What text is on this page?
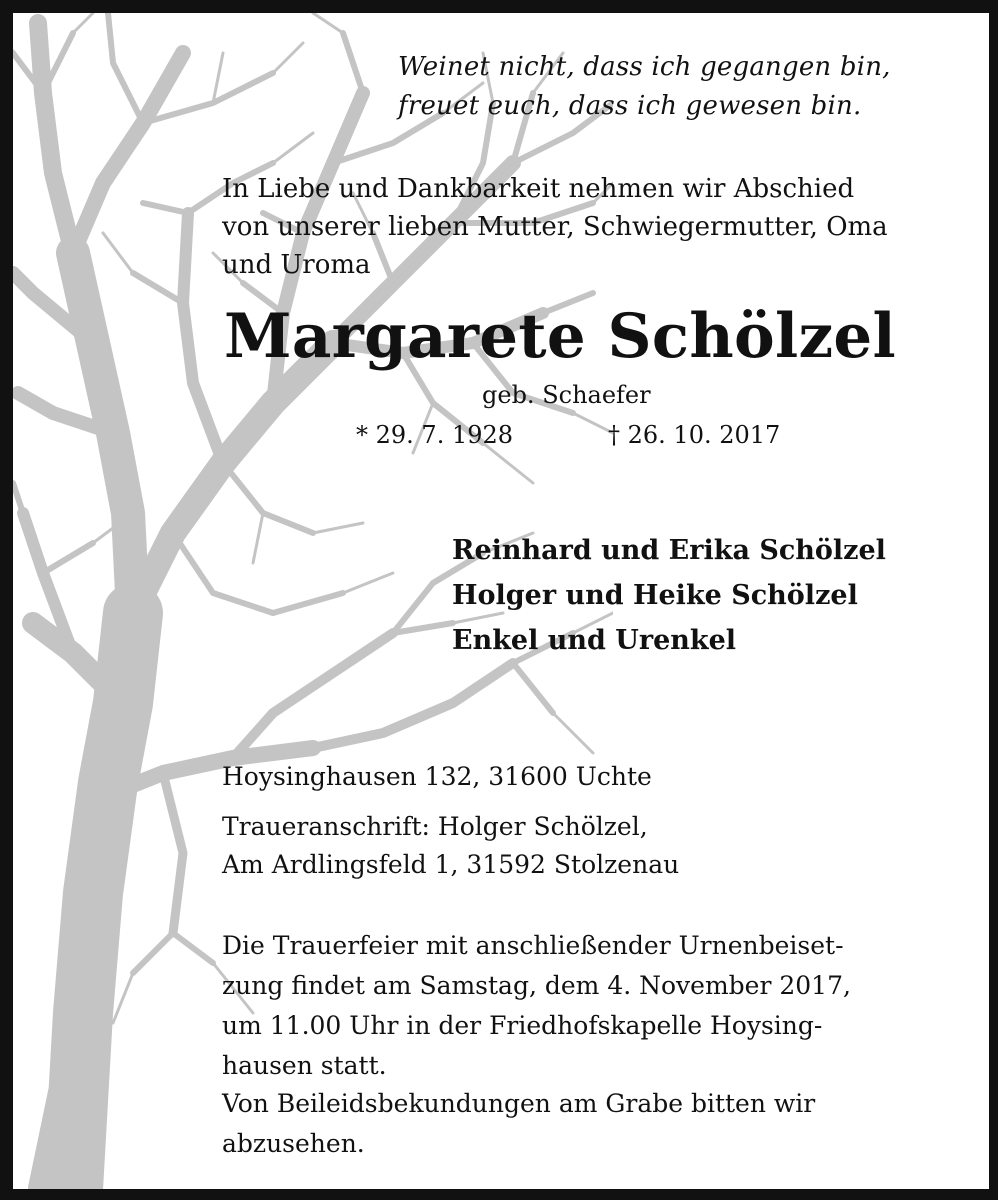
Weinet nicht, dass ich gegangen bin,
freuet euch, dass ich gewesen bin.
In Liebe und Dankbarkeit nehmen wir Abschied
von unserer lieben Mutter, Schwiegermutter, Oma
und Uroma
Margarete Schölzel
geb. Schaefer
* 29. 7. 1928	† 26. 10. 2017
Reinhard und Erika Schölzel
Holger und Heike Schölzel
Enkel und Urenkel
Hoysinghausen 132, 31600 Uchte
Traueranschrift: Holger Schölzel,
Am Ardlingsfeld 1, 31592 Stolzenau
Die Trauerfeier mit anschließender Urnenbeiset-
zung findet am Samstag, dem 4. November 2017,
um 11.00 Uhr in der Friedhofskapelle Hoysing-
hausen statt.
Von Beileidsbekundungen am Grabe bitten wir
abzusehen.
